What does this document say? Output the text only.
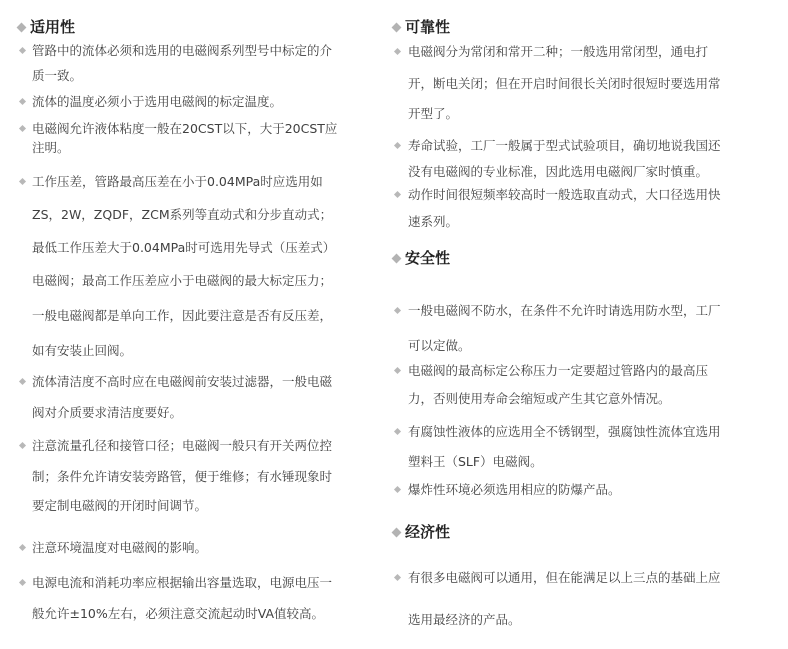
适用性
管路中的流体必须和选用的电磁阀系列型号中标定的介
质一致。
流体的温度必须小于选用电磁阀的标定温度。
电磁阀允许液体粘度一般在20CST以下，大于20CST应
注明。
工作压差，管路最高压差在小于0.04MPa时应选用如
ZS，2W，ZQDF，ZCM系列等直动式和分步直动式；
最低工作压差大于0.04MPa时可选用先导式（压差式）
电磁阀；最高工作压差应小于电磁阀的最大标定压力；
一般电磁阀都是单向工作，因此要注意是否有反压差，
如有安装止回阀。
流体清洁度不高时应在电磁阀前安装过滤器，一般电磁
阀对介质要求清洁度要好。
注意流量孔径和接管口径；电磁阀一般只有开关两位控
制；条件允许请安装旁路管，便于维修；有水锤现象时
要定制电磁阀的开闭时间调节。
注意环境温度对电磁阀的影响。
电源电流和消耗功率应根据输出容量选取，电源电压一
般允许±10%左右，必须注意交流起动时VA值较高。
可靠性
电磁阀分为常闭和常开二种；一般选用常闭型，通电打
开，断电关闭；但在开启时间很长关闭时很短时要选用常
开型了。
寿命试验，工厂一般属于型式试验项目，确切地说我国还
没有电磁阀的专业标准，因此选用电磁阀厂家时慎重。
动作时间很短频率较高时一般选取直动式，大口径选用快
速系列。
安全性
一般电磁阀不防水，在条件不允许时请选用防水型，工厂
可以定做。
电磁阀的最高标定公称压力一定要超过管路内的最高压
力，否则使用寿命会缩短或产生其它意外情况。
有腐蚀性液体的应选用全不锈钢型，强腐蚀性流体宜选用
塑料王（SLF）电磁阀。
爆炸性环境必须选用相应的防爆产品。
经济性
有很多电磁阀可以通用，但在能满足以上三点的基础上应
选用最经济的产品。
